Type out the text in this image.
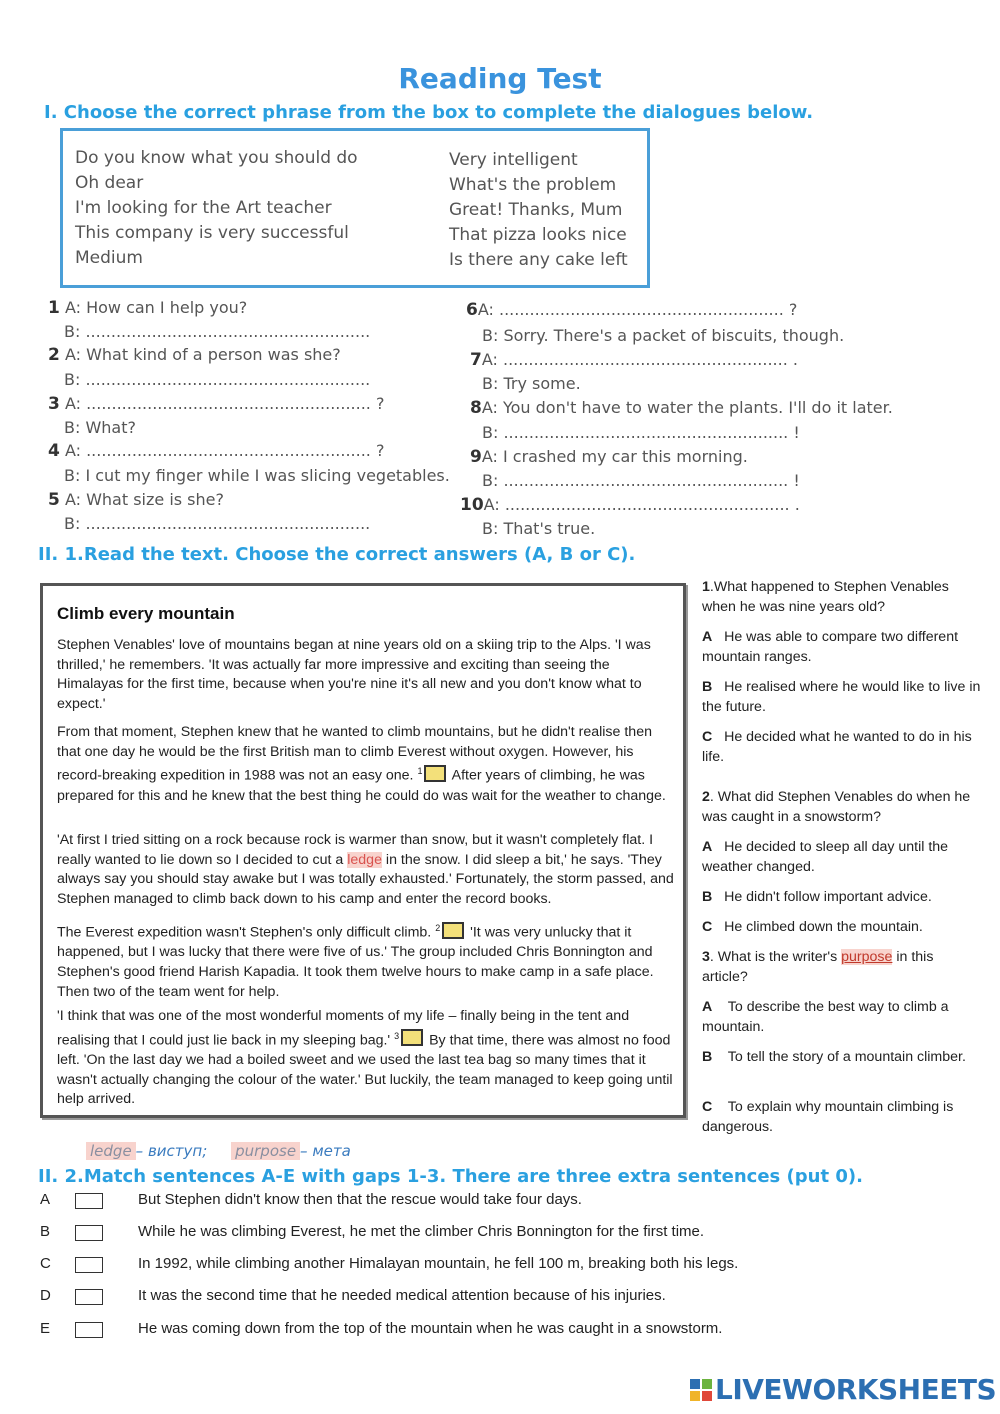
Reading Test
I. Choose the correct phrase from the box to complete the dialogues below.
Do you know what you should do
Oh dear
I'm looking for the Art teacher
This company is very successful
Medium
Very intelligent
What's the problem
Great! Thanks, Mum
That pizza looks nice
Is there any cake left
1 A: How can I help you?
B: ........................................................
2 A: What kind of a person was she?
B: ........................................................
3 A: ........................................................ ?
B: What?
4 A: ........................................................ ?
B: I cut my finger while I was slicing vegetables.
5 A: What size is she?
B: ........................................................
6A: ........................................................ ?
B: Sorry. There's a packet of biscuits, though.
7A: ........................................................ .
B: Try some.
8A: You don't have to water the plants. I'll do it later.
B: ........................................................ !
9A: I crashed my car this morning.
B: ........................................................ !
10A: ........................................................ .
B: That's true.
II. 1.Read the text. Choose the correct answers (A, B or C).
Climb every mountain
Stephen Venables' love of mountains began at nine years old on a skiing trip to the Alps. 'I was thrilled,' he remembers. 'It was actually far more impressive and exciting than seeing the Himalayas for the first time, because when you're nine it's all new and you don't know what to expect.'
From that moment, Stephen knew that he wanted to climb mountains, but he didn't realise then that one day he would be the first British man to climb Everest without oxygen. However, his record-breaking expedition in 1988 was not an easy one. $^1$ After years of climbing, he was prepared for this and he knew that the best thing he could do was wait for the weather to change.
'At first I tried sitting on a rock because rock is warmer than snow, but it wasn't completely flat. I really wanted to lie down so I decided to cut a ledge in the snow. I did sleep a bit,' he says. 'They always say you should stay awake but I was totally exhausted.' Fortunately, the storm passed, and Stephen managed to climb back down to his camp and enter the record books.
The Everest expedition wasn't Stephen's only difficult climb. $^2$ 'It was very unlucky that it happened, but I was lucky that there were five of us.' The group included Chris Bonnington and Stephen's good friend Harish Kapadia. It took them twelve hours to make camp in a safe place. Then two of the team went for help.
'I think that was one of the most wonderful moments of my life – finally being in the tent and realising that I could just lie back in my sleeping bag.' $^3$ By that time, there was almost no food left. 'On the last day we had a boiled sweet and we used the last tea bag so many times that it wasn't actually changing the colour of the water.' But luckily, the team managed to keep going until help arrived.
1.What happened to Stephen Venables when he was nine years old?
A He was able to compare two different mountain ranges.
B He realised where he would like to live in the future.
C He decided what he wanted to do in his life.
2. What did Stephen Venables do when he was caught in a snowstorm?
A He decided to sleep all day until the weather changed.
B He didn't follow important advice.
C He climbed down the mountain.
3. What is the writer's purpose in this article?
A To describe the best way to climb a mountain.
B To tell the story of a mountain climber.
C To explain why mountain climbing is dangerous.
ledge – виступ; purpose – мета
II. 2.Match sentences A-E with gaps 1-3. There are three extra sentences (put 0).
A	But Stephen didn't know then that the rescue would take four days.
B	While he was climbing Everest, he met the climber Chris Bonnington for the first time.
C	In 1992, while climbing another Himalayan mountain, he fell 100 m, breaking both his legs.
D	It was the second time that he needed medical attention because of his injuries.
E	He was coming down from the top of the mountain when he was caught in a snowstorm.
LIVEWORKSHEETS
